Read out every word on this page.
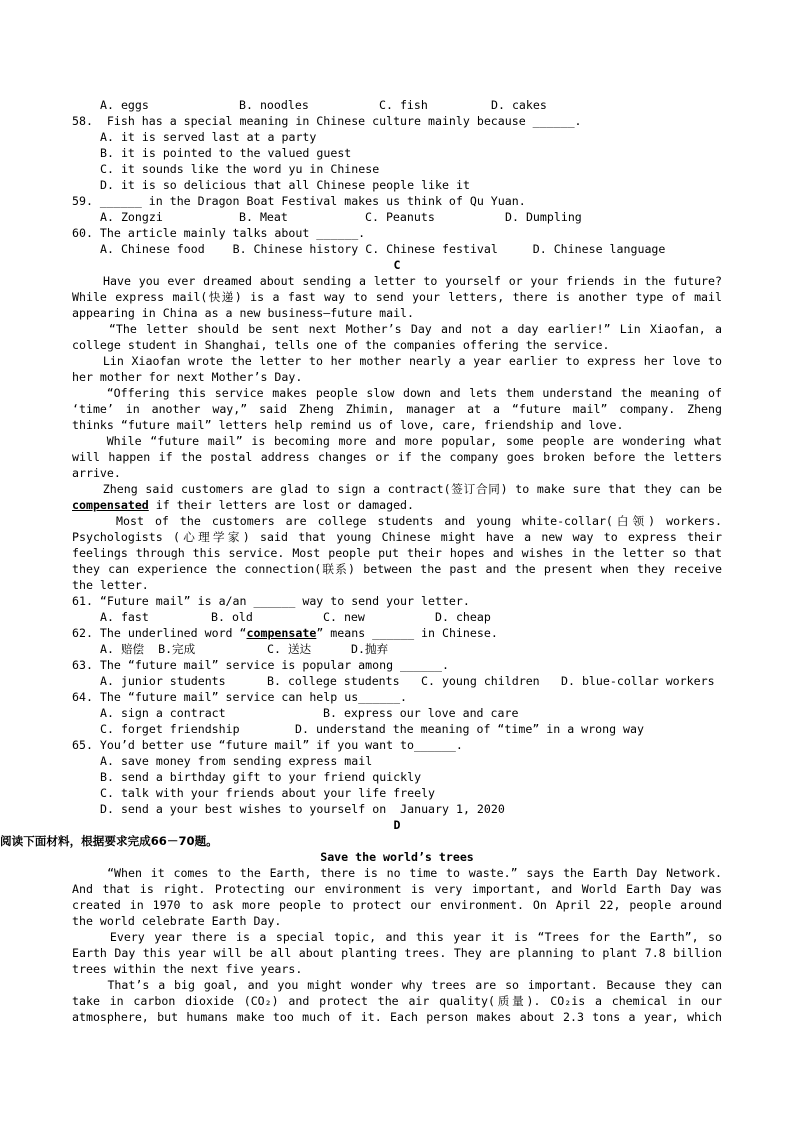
A. eggs	B. noodles	C. fish	D. cakes
58.  Fish has a special meaning in Chinese culture mainly because ______.
A. it is served last at a party
B. it is pointed to the valued guest
C. it sounds like the word yu in Chinese
D. it is so delicious that all Chinese people like it
59. ______ in the Dragon Boat Festival makes us think of Qu Yuan.
A. Zongzi	B. Meat	C. Peanuts	D. Dumpling
60. The article mainly talks about ______.
A. Chinese food    B. Chinese history C. Chinese festival     D. Chinese language
C
Have you ever dreamed about sending a letter to yourself or your friends in the future?
While express mail(快递) is a fast way to send your letters, there is another type of mail
appearing in China as a new business—future mail.
“The letter should be sent next Mother’s Day and not a day earlier!” Lin Xiaofan, a
college student in Shanghai, tells one of the companies offering the service.
Lin Xiaofan wrote the letter to her mother nearly a year earlier to express her love to
her mother for next Mother’s Day.
“Offering this service makes people slow down and lets them understand the meaning of
‘time’ in another way,” said Zheng Zhimin, manager at a “future mail” company. Zheng
thinks “future mail” letters help remind us of love, care, friendship and love.
While “future mail” is becoming more and more popular, some people are wondering what
will happen if the postal address changes or if the company goes broken before the letters
arrive.
Zheng said customers are glad to sign a contract(签订合同) to make sure that they can be
compensated if their letters are lost or damaged.
Most of the customers are college students and young white-collar(白领) workers.
Psychologists (心理学家) said that young Chinese might have a new way to express their
feelings through this service. Most people put their hopes and wishes in the letter so that
they can experience the connection(联系) between the past and the present when they receive
the letter.
61. “Future mail” is a/an ______ way to send your letter.
A. fast	B. old	C. new	D. cheap
62. The underlined word “compensate” means ______ in Chinese.
A. 赔偿  B.完成	C. 送达	D.抛弃
63. The “future mail” service is popular among ______.
A. junior students	B. college students C. young children D. blue-collar workers
64. The “future mail” service can help us______.
A. sign a contract	B. express our love and care
C. forget friendship	D. understand the meaning of “time” in a wrong way
65. You’d better use “future mail” if you want to______.
A. save money from sending express mail
B. send a birthday gift to your friend quickly
C. talk with your friends about your life freely
D. send a your best wishes to yourself on  January 1, 2020
D
阅读下面材料，根据要求完成66－70题。
Save the world’s trees
“When it comes to the Earth, there is no time to waste.” says the Earth Day Network.
And that is right. Protecting our environment is very important, and World Earth Day was
created in 1970 to ask more people to protect our environment. On April 22, people around
the world celebrate Earth Day.
Every year there is a special topic, and this year it is “Trees for the Earth”, so
Earth Day this year will be all about planting trees. They are planning to plant 7.8 billion
trees within the next five years.
That’s a big goal, and you might wonder why trees are so important. Because they can
take in carbon dioxide (CO₂) and protect the air quality(质量). CO₂is a chemical in our
atmosphere, but humans make too much of it. Each person makes about 2.3 tons a year, which
